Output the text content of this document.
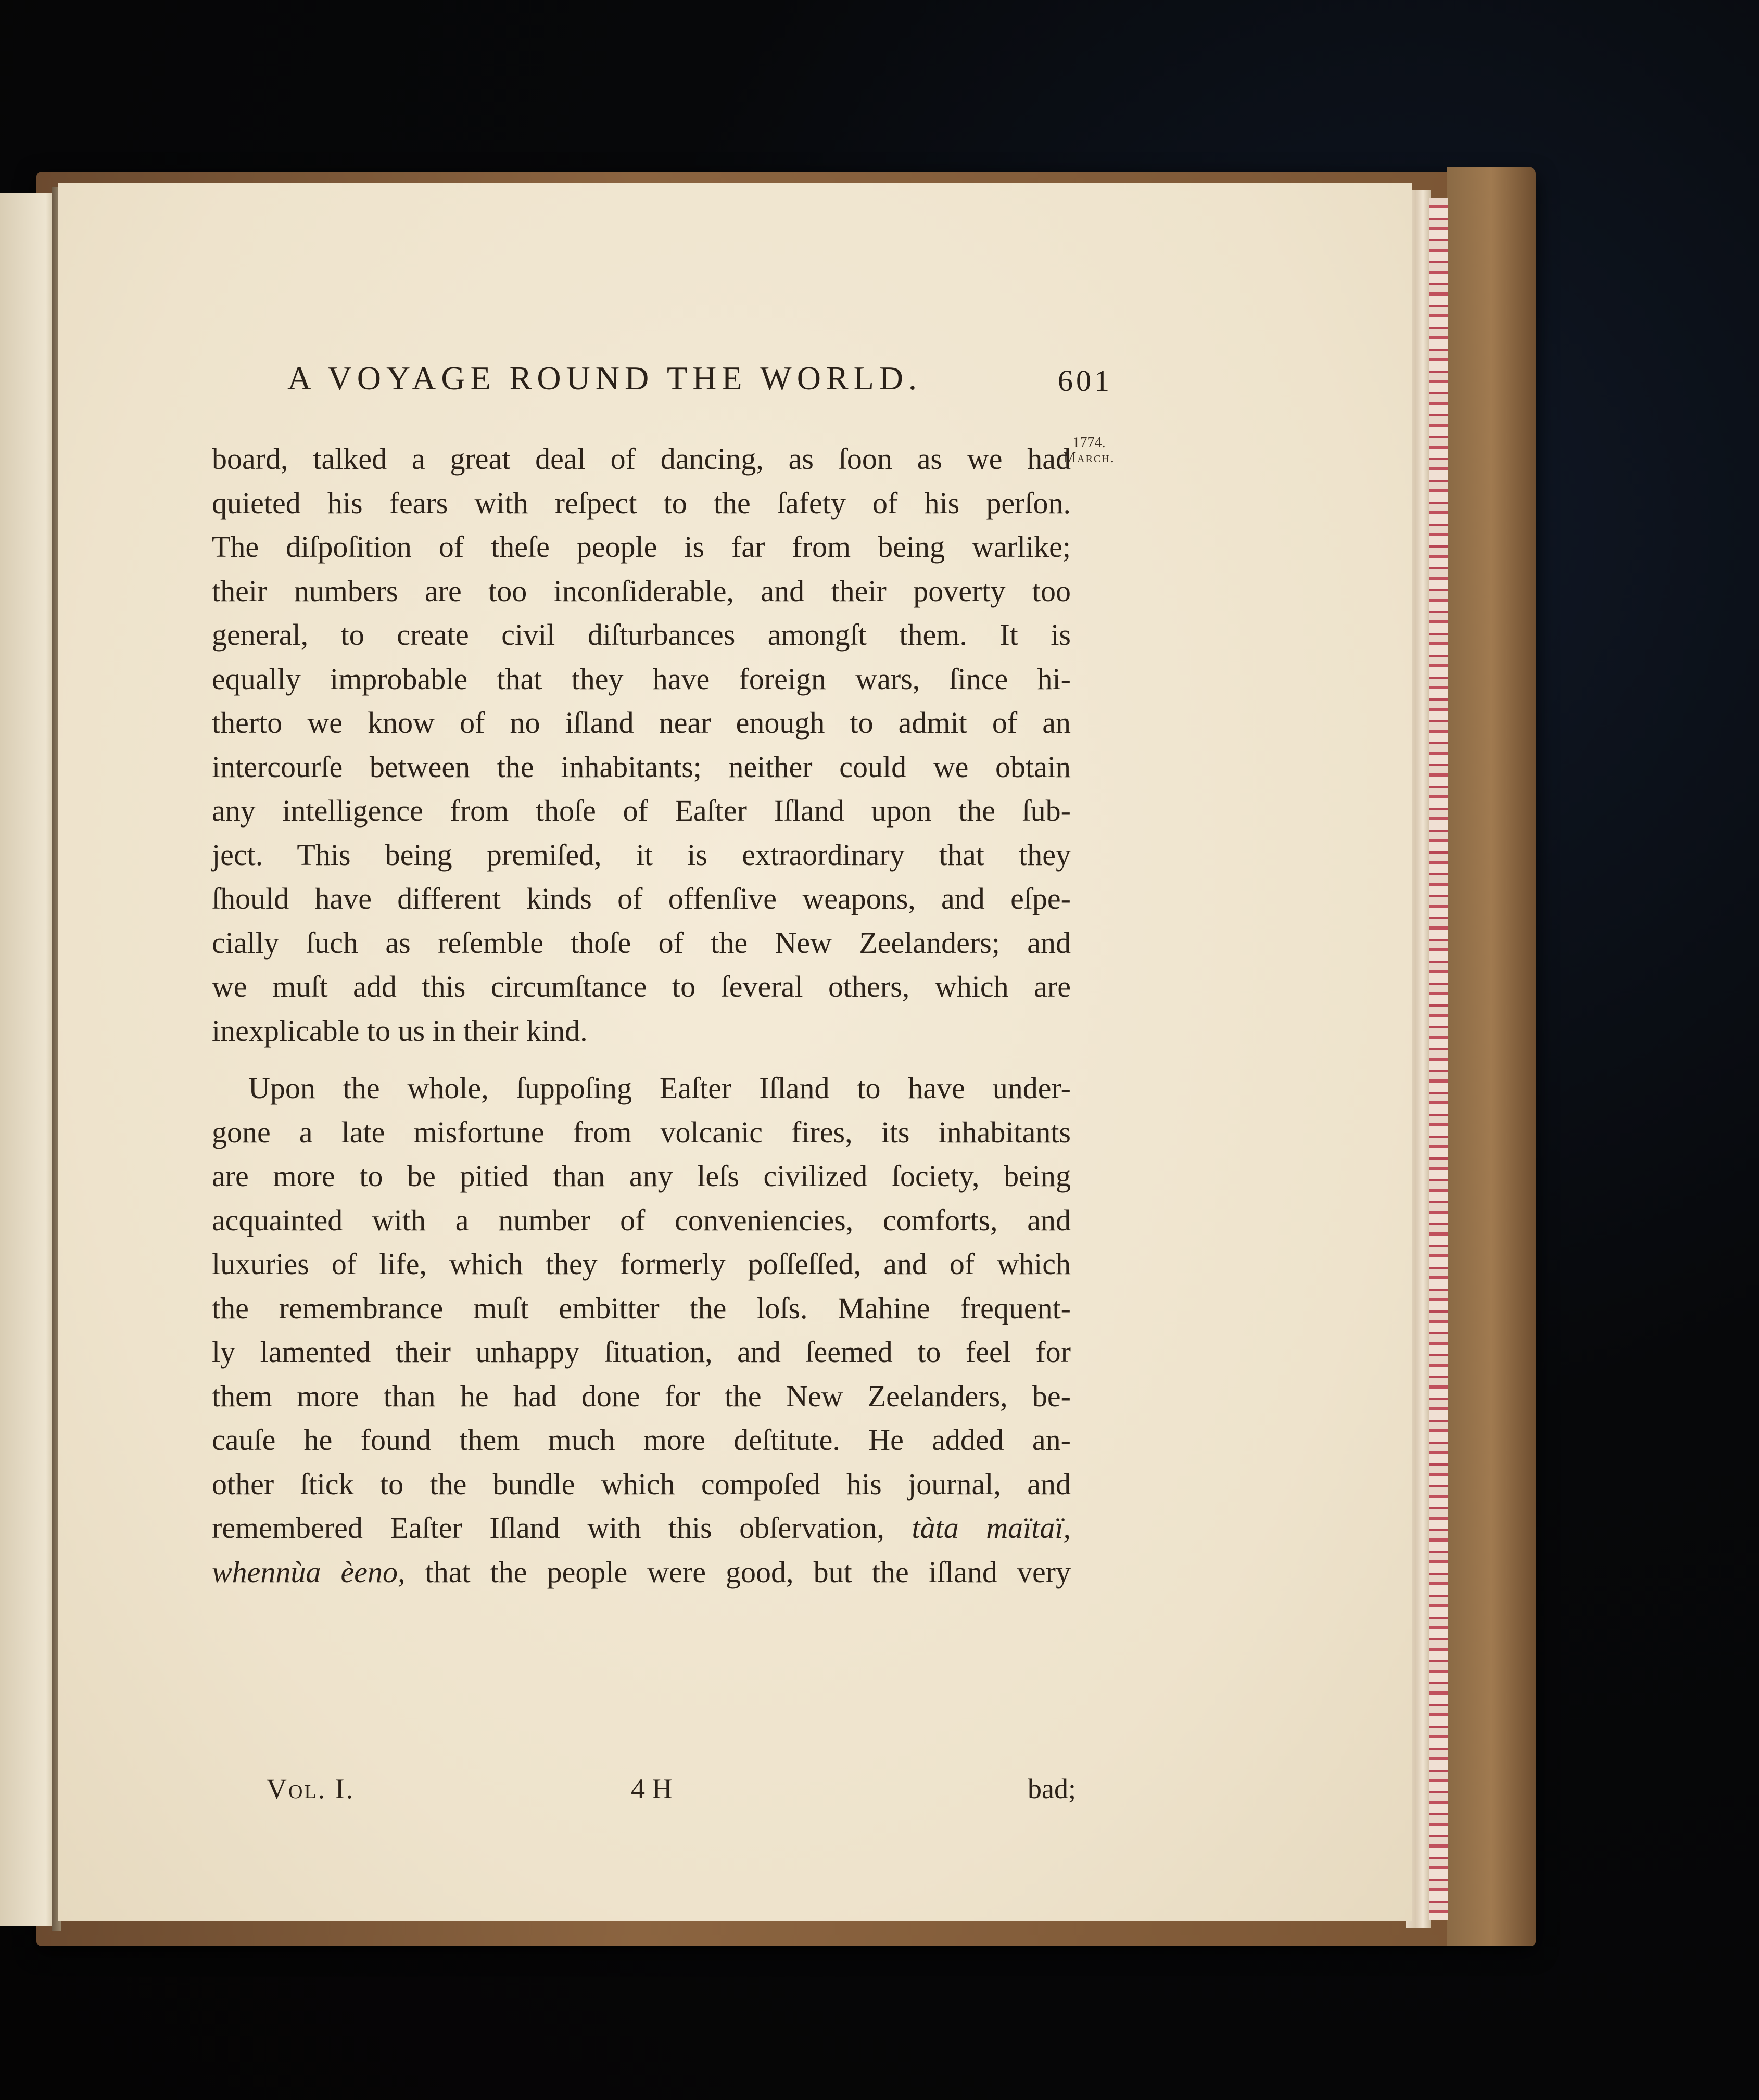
A VOYAGE ROUND THE WORLD.	601
1774.
March.
board, talked a great deal of dancing, as ſoon as we had
quieted his fears with reſpect to the ſafety of his perſon.
The diſpoſition of theſe people is far from being warlike;
their numbers are too inconſiderable, and their poverty too
general, to create civil diſturbances amongſt them. It is
equally improbable that they have foreign wars, ſince hi-
therto we know of no iſland near enough to admit of an
intercourſe between the inhabitants; neither could we obtain
any intelligence from thoſe of Eaſter Iſland upon the ſub-
ject. This being premiſed, it is extraordinary that they
ſhould have different kinds of offenſive weapons, and eſpe-
cially ſuch as reſemble thoſe of the New Zeelanders; and
we muſt add this circumſtance to ſeveral others, which are
inexplicable to us in their kind.
Upon the whole, ſuppoſing Eaſter Iſland to have under-
gone a late misfortune from volcanic fires, its inhabitants
are more to be pitied than any leſs civilized ſociety, being
acquainted with a number of conveniencies, comforts, and
luxuries of life, which they formerly poſſeſſed, and of which
the remembrance muſt embitter the loſs. Mahine frequent-
ly lamented their unhappy ſituation, and ſeemed to feel for
them more than he had done for the New Zeelanders, be-
cauſe he found them much more deſtitute. He added an-
other ſtick to the bundle which compoſed his journal, and
remembered Eaſter Iſland with this obſervation, tàta maïtaï,
whennùa èeno, that the people were good, but the iſland very
Vol. I.	4 H	bad;
